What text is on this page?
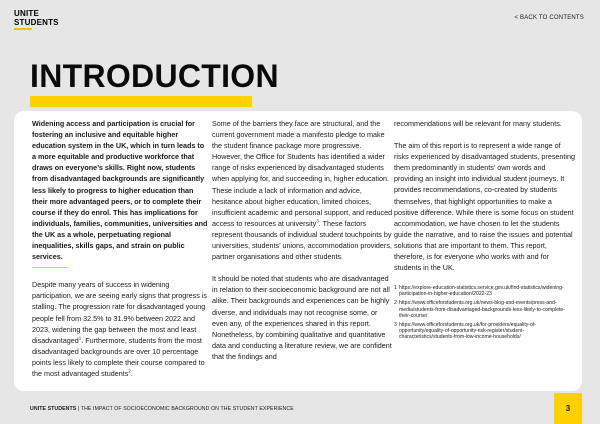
UNITE
STUDENTS	< BACK TO CONTENTS
INTRODUCTION

Widening access and participation is crucial for fostering an inclusive and equitable higher education system in the UK, which in turn leads to a more equitable and productive workforce that draws on everyone’s skills. Right now, students from disadvantaged backgrounds are significantly less likely to progress to higher education than their more advantaged peers, or to complete their course if they do enrol. This has implications for individuals, families, communities, universities and the UK as a whole, perpetuating regional inequalities, skills gaps, and strain on public services.

Despite many years of success in widening participation, we are seeing early signs that progress is stalling. The progression rate for disadvantaged young people fell from 32.5% to 31.9% between 2022 and 2023, widening the gap between the most and least disadvantaged$^1$. Furthermore, students from the most disadvantaged backgrounds are over 10 percentage points less likely to complete their course compared to the most advantaged students$^2$.

Some of the barriers they face are structural, and the current government made a manifesto pledge to make the student finance package more progressive. However, the Office for Students has identified a wider range of risks experienced by disadvantaged students when applying for, and succeeding in, higher education. These include a lack of information and advice, hesitance about higher education, limited choices, insufficient academic and personal support, and reduced access to resources at university$^3$. These factors represent thousands of individual student touchpoints by universities, students’ unions, accommodation providers, partner organisations and other students.

It should be noted that students who are disadvantaged in relation to their socioeconomic background are not all alike. Their backgrounds and experiences can be highly diverse, and individuals may not recognise some, or even any, of the experiences shared in this report. Nonetheless, by combining qualitative and quantitative data and conducting a literature review, we are confident that the findings and

recommendations will be relevant for many students.

The aim of this report is to represent a wide range of risks experienced by disadvantaged students, presenting them predominantly in students’ own words and providing an insight into individual student journeys. It provides recommendations, co-created by students themselves, that highlight opportunities to make a positive difference. While there is some focus on student accommodation, we have chosen to let the students guide the narrative, and to raise the issues and potential solutions that are important to them. This report, therefore, is for everyone who works with and for students in the UK.

1 https://explore-education-statistics.service.gov.uk/find-statistics/widening-participation-in-higher-education/2022-23
2 https://www.officeforstudents.org.uk/news-blog-and-events/press-and-media/students-from-disadvantaged-backgrounds-less-likely-to-complete-their-course/
3 https://www.officeforstudents.org.uk/for-providers/equality-of-opportunity/equality-of-opportunity-risk-register/student-characteristics/students-from-low-income-households/
UNITE STUDENTS | THE IMPACT OF SOCIOECONOMIC BACKGROUND ON THE STUDENT EXPERIENCE	3
